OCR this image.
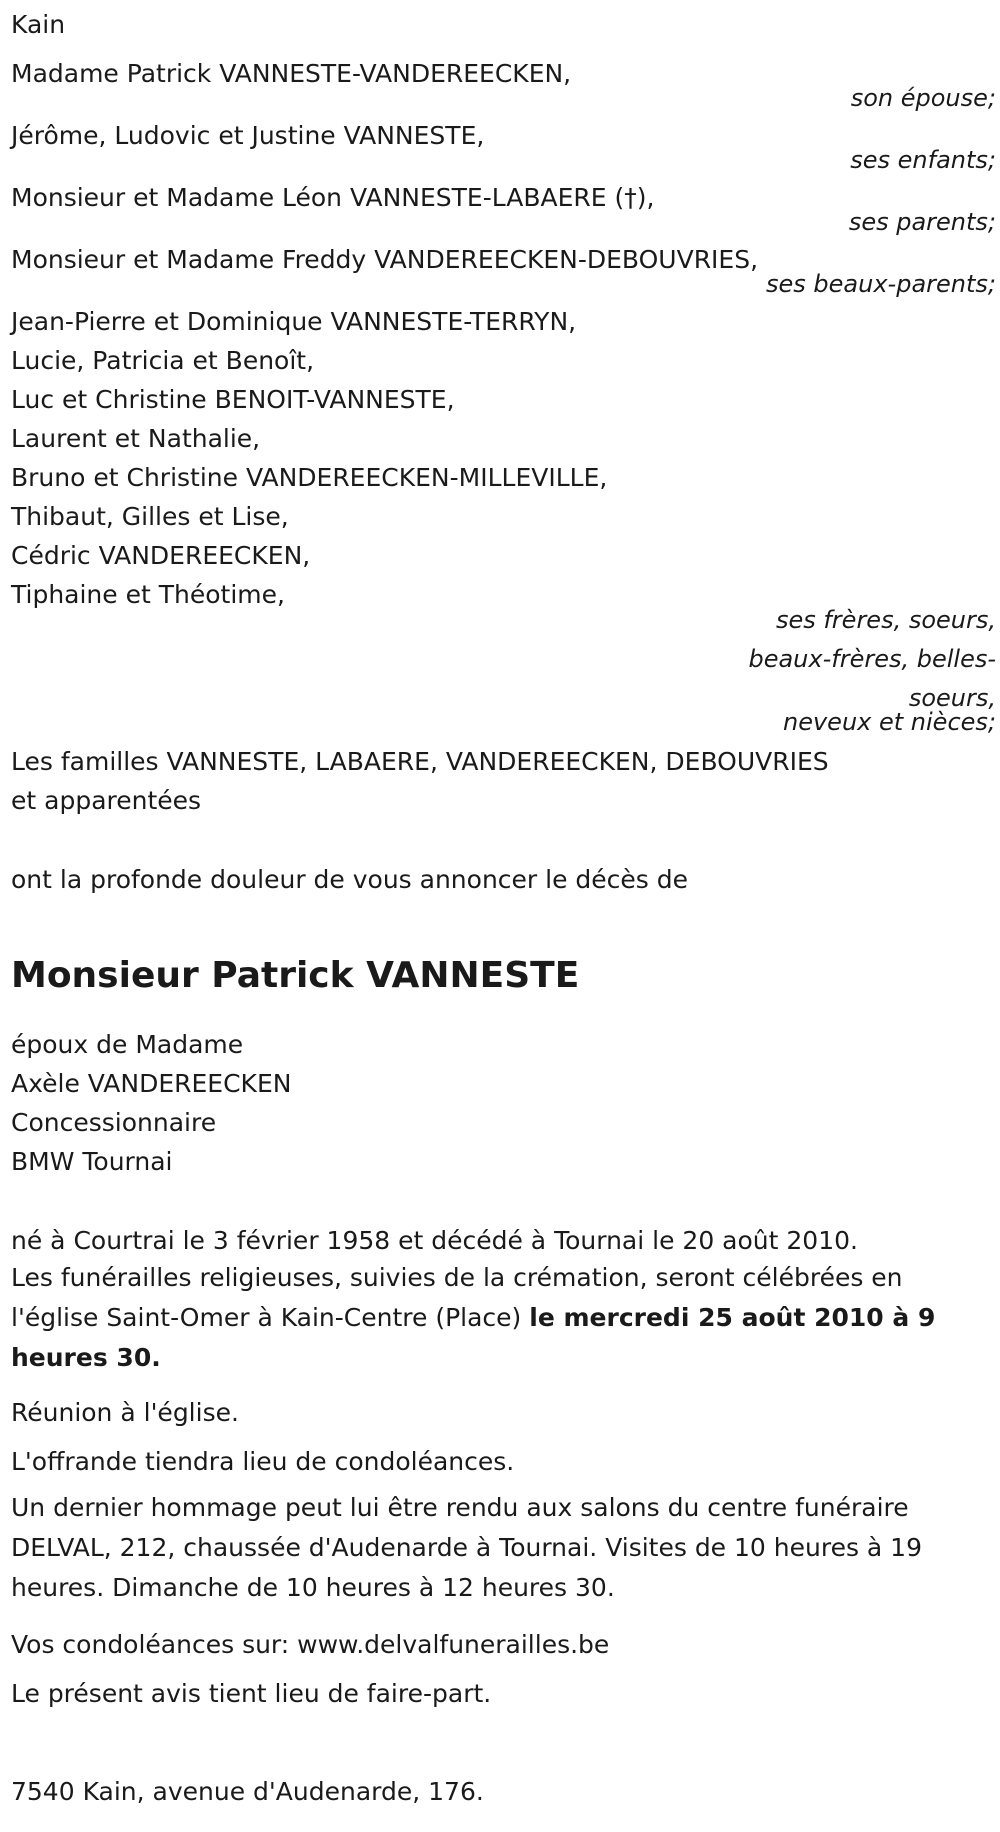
Kain
Madame Patrick VANNESTE-VANDEREECKEN,
son épouse;
Jérôme, Ludovic et Justine VANNESTE,
ses enfants;
Monsieur et Madame Léon VANNESTE-LABAERE (†),
ses parents;
Monsieur et Madame Freddy VANDEREECKEN-DEBOUVRIES,
ses beaux-parents;
Jean-Pierre et Dominique VANNESTE-TERRYN,
Lucie, Patricia et Benoît,
Luc et Christine BENOIT-VANNESTE,
Laurent et Nathalie,
Bruno et Christine VANDEREECKEN-MILLEVILLE,
Thibaut, Gilles et Lise,
Cédric VANDEREECKEN,
Tiphaine et Théotime,
ses frères, soeurs,
beaux-frères, belles-
soeurs,
neveux et nièces;
Les familles VANNESTE, LABAERE, VANDEREECKEN, DEBOUVRIES
et apparentées
ont la profonde douleur de vous annoncer le décès de
Monsieur Patrick VANNESTE
époux de Madame
Axèle VANDEREECKEN
Concessionnaire
BMW Tournai
né à Courtrai le 3 février 1958 et décédé à Tournai le 20 août 2010.
Les funérailles religieuses, suivies de la crémation, seront célébrées en l'église Saint-Omer à Kain-Centre (Place) le mercredi 25 août 2010 à 9 heures 30.
Réunion à l'église.
L'offrande tiendra lieu de condoléances.
Un dernier hommage peut lui être rendu aux salons du centre funéraire DELVAL, 212, chaussée d'Audenarde à Tournai. Visites de 10 heures à 19 heures. Dimanche de 10 heures à 12 heures 30.
Vos condoléances sur: www.delvalfunerailles.be
Le présent avis tient lieu de faire-part.
7540 Kain, avenue d'Audenarde, 176.
